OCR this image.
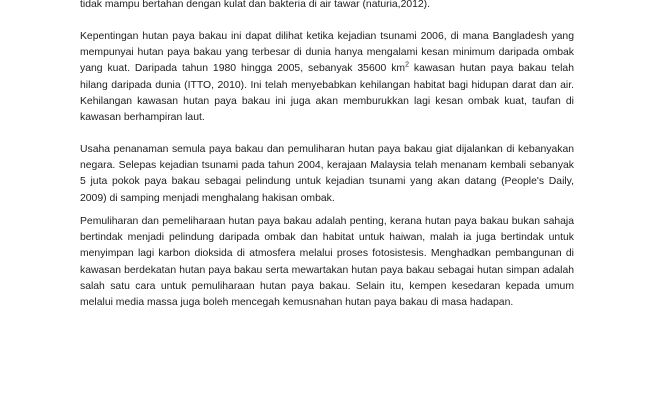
tidak mampu bertahan dengan kulat dan bakteria di air tawar (naturia,2012).

Kepentingan hutan paya bakau ini dapat dilihat ketika kejadian tsunami 2006, di mana Bangladesh yang mempunyai hutan paya bakau yang terbesar di dunia hanya mengalami kesan minimum daripada ombak yang kuat. Daripada tahun 1980 hingga 2005, sebanyak 35600 $km^2$ kawasan hutan paya bakau telah hilang daripada dunia (ITTO, 2010). Ini telah menyebabkan kehilangan habitat bagi hidupan darat dan air. Kehilangan kawasan hutan paya bakau ini juga akan memburukkan lagi kesan ombak kuat, taufan di kawasan berhampiran laut.

Usaha penanaman semula paya bakau dan pemuliharan hutan paya bakau giat dijalankan di kebanyakan negara. Selepas kejadian tsunami pada tahun 2004, kerajaan Malaysia telah menanam kembali sebanyak 5 juta pokok paya bakau sebagai pelindung untuk kejadian tsunami yang akan datang (People's Daily, 2009) di samping menjadi menghalang hakisan ombak.

Pemuliharan dan pemeliharaan hutan paya bakau adalah penting, kerana hutan paya bakau bukan sahaja bertindak menjadi pelindung daripada ombak dan habitat untuk haiwan, malah ia juga bertindak untuk menyimpan lagi karbon dioksida di atmosfera melalui proses fotosistesis. Menghadkan pembangunan di kawasan berdekatan hutan paya bakau serta mewartakan hutan paya bakau sebagai hutan simpan adalah salah satu cara untuk pemuliharaan hutan paya bakau. Selain itu, kempen kesedaran kepada umum melalui media massa juga boleh mencegah kemusnahan hutan paya bakau di masa hadapan.
